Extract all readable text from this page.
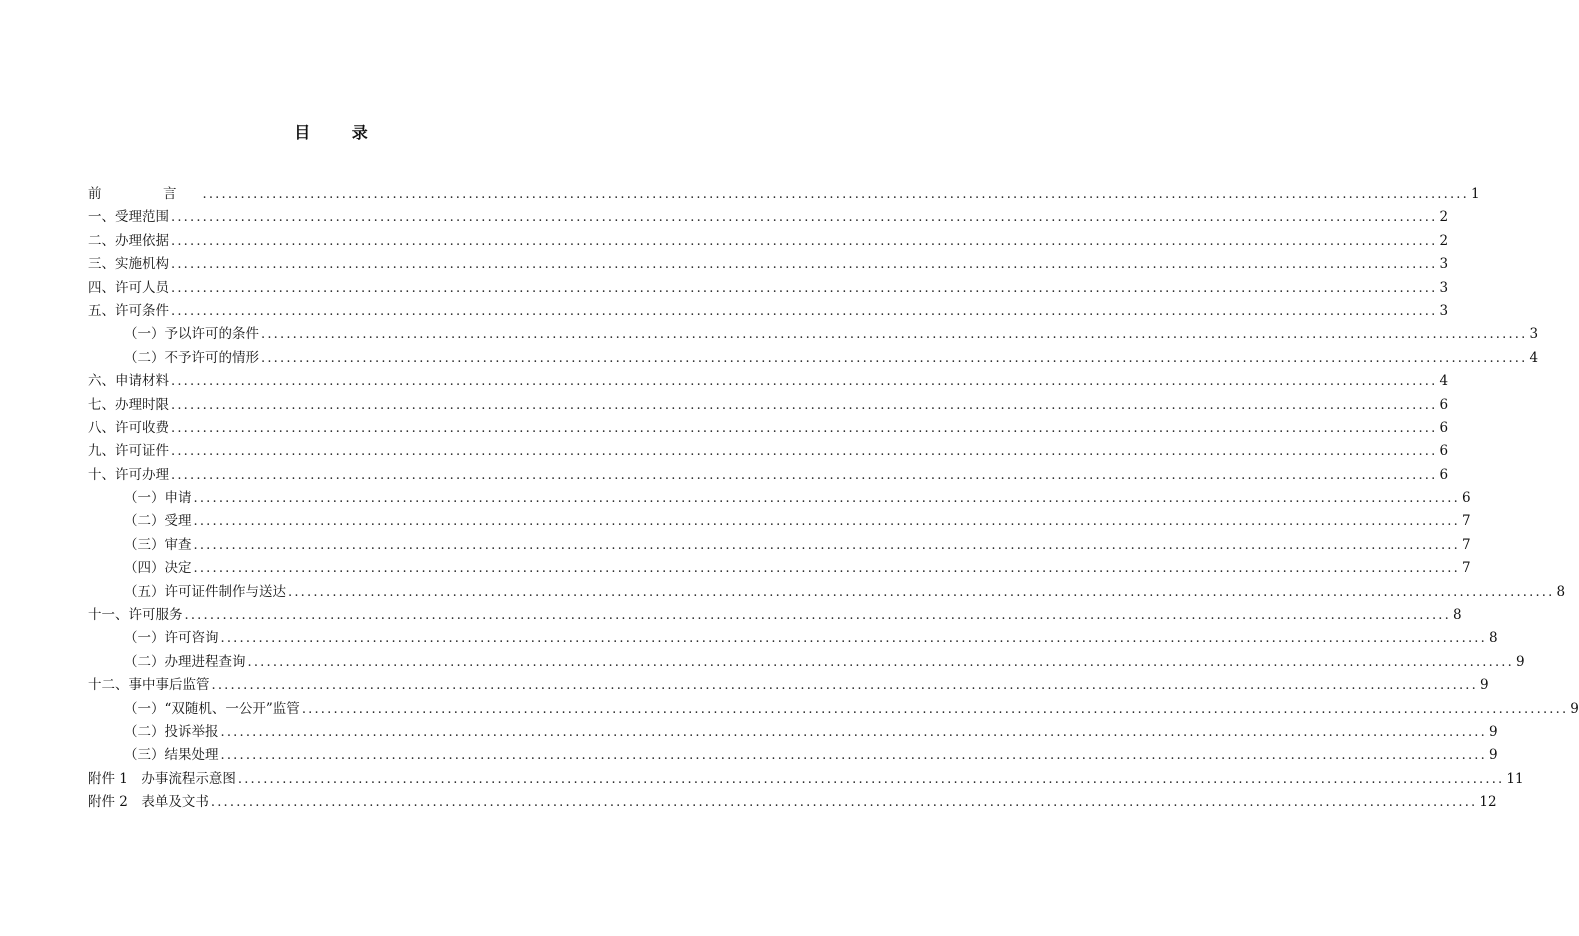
目 录
前　言 ........................................................................................................................................................................................................ 1
一、受理范围 ........................................................................................................................................................................................................ 2
二、办理依据 ........................................................................................................................................................................................................ 2
三、实施机构 ........................................................................................................................................................................................................ 3
四、许可人员 ........................................................................................................................................................................................................ 3
五、许可条件 ........................................................................................................................................................................................................ 3
（一）予以许可的条件 ........................................................................................................................................................................................................ 3
（二）不予许可的情形 ........................................................................................................................................................................................................ 4
六、申请材料 ........................................................................................................................................................................................................ 4
七、办理时限 ........................................................................................................................................................................................................ 6
八、许可收费 ........................................................................................................................................................................................................ 6
九、许可证件 ........................................................................................................................................................................................................ 6
十、许可办理 ........................................................................................................................................................................................................ 6
（一）申请 ........................................................................................................................................................................................................ 6
（二）受理 ........................................................................................................................................................................................................ 7
（三）审查 ........................................................................................................................................................................................................ 7
（四）决定 ........................................................................................................................................................................................................ 7
（五）许可证件制作与送达 ........................................................................................................................................................................................................ 8
十一、许可服务 ........................................................................................................................................................................................................ 8
（一）许可咨询 ........................................................................................................................................................................................................ 8
（二）办理进程查询 ........................................................................................................................................................................................................ 9
十二、事中事后监管 ........................................................................................................................................................................................................ 9
（一）“双随机、一公开”监管 ........................................................................................................................................................................................................ 9
（二）投诉举报 ........................................................................................................................................................................................................ 9
（三）结果处理 ........................................................................................................................................................................................................ 9
附件 1　办事流程示意图 ........................................................................................................................................................................................................ 11
附件 2　表单及文书 ........................................................................................................................................................................................................ 12
